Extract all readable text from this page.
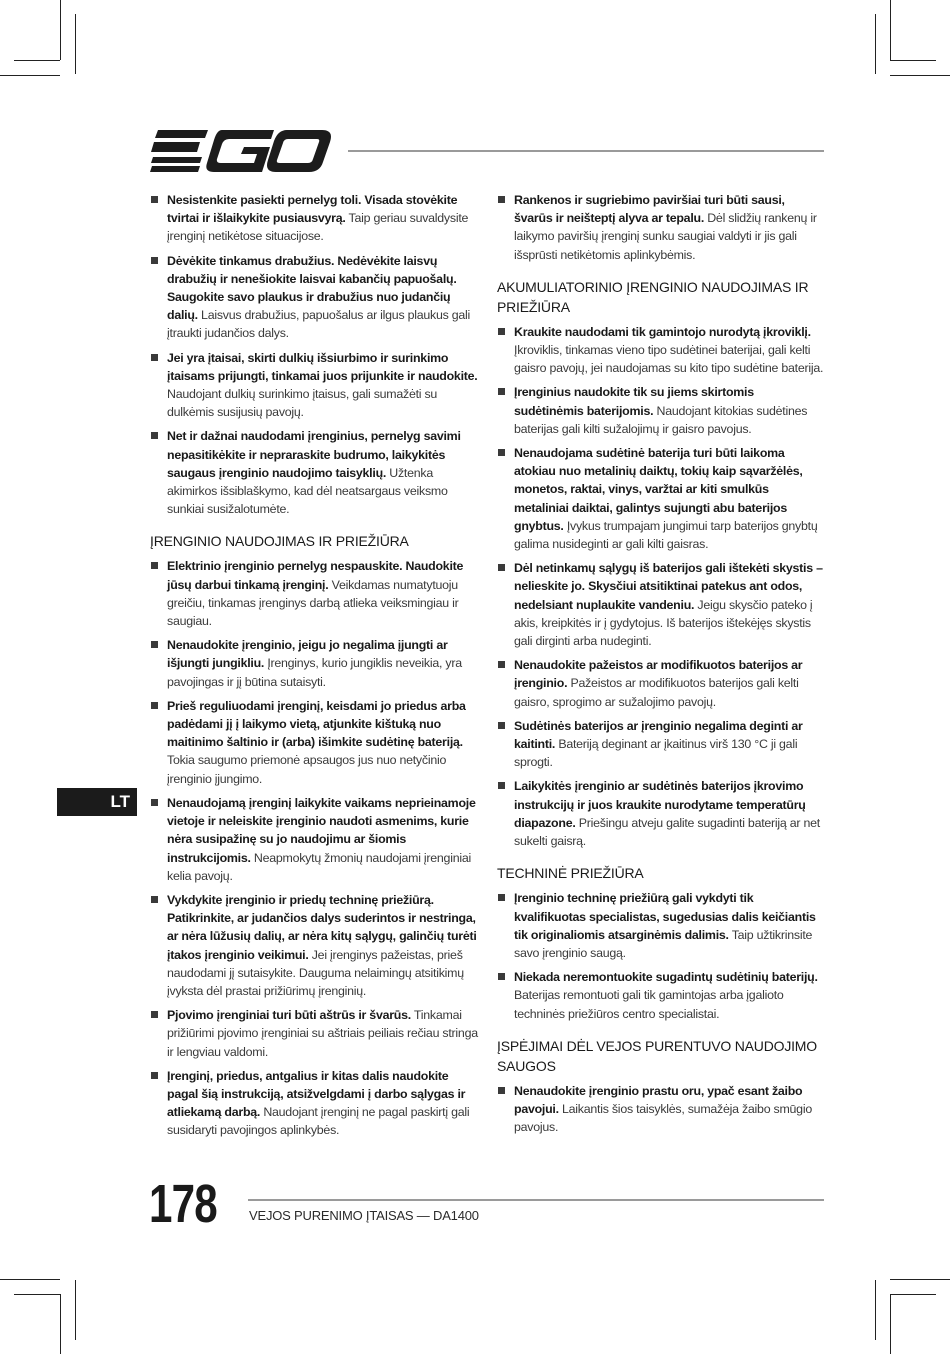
Nesistenkite pasiekti pernelyg toli. Visada stovėkite tvirtai ir išlaikykite pusiausvyrą. Taip geriau suvaldysite įrenginį netikėtose situacijose.
Dėvėkite tinkamus drabužius. Nedėvėkite laisvų drabužių ir nenešiokite laisvai kabančių papuošalų. Saugokite savo plaukus ir drabužius nuo judančių dalių. Laisvus drabužius, papuošalus ar ilgus plaukus gali įtraukti judančios dalys.
Jei yra įtaisai, skirti dulkių išsiurbimo ir surinkimo įtaisams prijungti, tinkamai juos prijunkite ir naudokite. Naudojant dulkių surinkimo įtaisus, gali sumažėti su dulkėmis susijusių pavojų.
Net ir dažnai naudodami įrenginius, pernelyg savimi nepasitikėkite ir nepraraskite budrumo, laikykitės saugaus įrenginio naudojimo taisyklių. Užtenka akimirkos išsiblaškymo, kad dėl neatsargaus veiksmo sunkiai susižalotumėte.
ĮRENGINIO NAUDOJIMAS IR PRIEŽIŪRA
Elektrinio įrenginio pernelyg nespauskite. Naudokite jūsų darbui tinkamą įrenginį. Veikdamas numatytuoju greičiu, tinkamas įrenginys darbą atlieka veiksmingiau ir saugiau.
Nenaudokite įrenginio, jeigu jo negalima įjungti ar išjungti jungikliu. Įrenginys, kurio jungiklis neveikia, yra pavojingas ir jį būtina sutaisyti.
Prieš reguliuodami įrenginį, keisdami jo priedus arba padėdami jį į laikymo vietą, atjunkite kištuką nuo maitinimo šaltinio ir (arba) išimkite sudėtinę bateriją. Tokia saugumo priemonė apsaugos jus nuo netyčinio įrenginio įjungimo.
Nenaudojamą įrenginį laikykite vaikams neprieinamoje vietoje ir neleiskite įrenginio naudoti asmenims, kurie nėra susipažinę su jo naudojimu ar šiomis instrukcijomis. Neapmokytų žmonių naudojami įrenginiai kelia pavojų.
Vykdykite įrenginio ir priedų techninę priežiūrą. Patikrinkite, ar judančios dalys suderintos ir nestringa, ar nėra lūžusių dalių, ar nėra kitų sąlygų, galinčių turėti įtakos įrenginio veikimui. Jei įrenginys pažeistas, prieš naudodami jį sutaisykite. Dauguma nelaimingų atsitikimų įvyksta dėl prastai prižiūrimų įrenginių.
Pjovimo įrenginiai turi būti aštrūs ir švarūs. Tinkamai prižiūrimi pjovimo įrenginiai su aštriais peiliais rečiau stringa ir lengviau valdomi.
Įrenginį, priedus, antgalius ir kitas dalis naudokite pagal šią instrukciją, atsižvelgdami į darbo sąlygas ir atliekamą darbą. Naudojant įrenginį ne pagal paskirtį gali susidaryti pavojingos aplinkybės.
Rankenos ir sugriebimo paviršiai turi būti sausi, švarūs ir neišteptį alyva ar tepalu. Dėl slidžių rankenų ir laikymo paviršių įrenginį sunku saugiai valdyti ir jis gali išsprūsti netikėtomis aplinkybėmis.
AKUMULIATORINIO ĮRENGINIO NAUDOJIMAS IR PRIEŽIŪRA
Kraukite naudodami tik gamintojo nurodytą įkroviklį. Įkroviklis, tinkamas vieno tipo sudėtinei baterijai, gali kelti gaisro pavojų, jei naudojamas su kito tipo sudėtine baterija.
Įrenginius naudokite tik su jiems skirtomis sudėtinėmis baterijomis. Naudojant kitokias sudėtines baterijas gali kilti sužalojimų ir gaisro pavojus.
Nenaudojama sudėtinė baterija turi būti laikoma atokiau nuo metalinių daiktų, tokių kaip sąvaržėlės, monetos, raktai, vinys, varžtai ar kiti smulkūs metaliniai daiktai, galintys sujungti abu baterijos gnybtus. Įvykus trumpajam jungimui tarp baterijos gnybtų galima nusideginti ar gali kilti gaisras.
Dėl netinkamų sąlygų iš baterijos gali ištekėti skystis – nelieskite jo. Skysčiui atsitiktinai patekus ant odos, nedelsiant nuplaukite vandeniu. Jeigu skysčio pateko į akis, kreipkitės ir į gydytojus. Iš baterijos ištekėjęs skystis gali dirginti arba nudeginti.
Nenaudokite pažeistos ar modifikuotos baterijos ar įrenginio. Pažeistos ar modifikuotos baterijos gali kelti gaisro, sprogimo ar sužalojimo pavojų.
Sudėtinės baterijos ar įrenginio negalima deginti ar kaitinti. Bateriją deginant ar įkaitinus virš 130 °C ji gali sprogti.
Laikykitės įrenginio ar sudėtinės baterijos įkrovimo instrukcijų ir juos kraukite nurodytame temperatūrų diapazone. Priešingu atveju galite sugadinti bateriją ar net sukelti gaisrą.
TECHNINĖ PRIEŽIŪRA
Įrenginio techninę priežiūrą gali vykdyti tik kvalifikuotas specialistas, sugedusias dalis keičiantis tik originaliomis atsarginėmis dalimis. Taip užtikrinsite savo įrenginio saugą.
Niekada neremontuokite sugadintų sudėtinių baterijų. Baterijas remontuoti gali tik gamintojas arba įgalioto techninės priežiūros centro specialistai.
ĮSPĖJIMAI DĖL VEJOS PURENTUVO NAUDOJIMO SAUGOS
Nenaudokite įrenginio prastu oru, ypač esant žaibo pavojui. Laikantis šios taisyklės, sumažėja žaibo smūgio pavojus.
LT
178 VEJOS PURENIMO ĮTAISAS — DA1400
